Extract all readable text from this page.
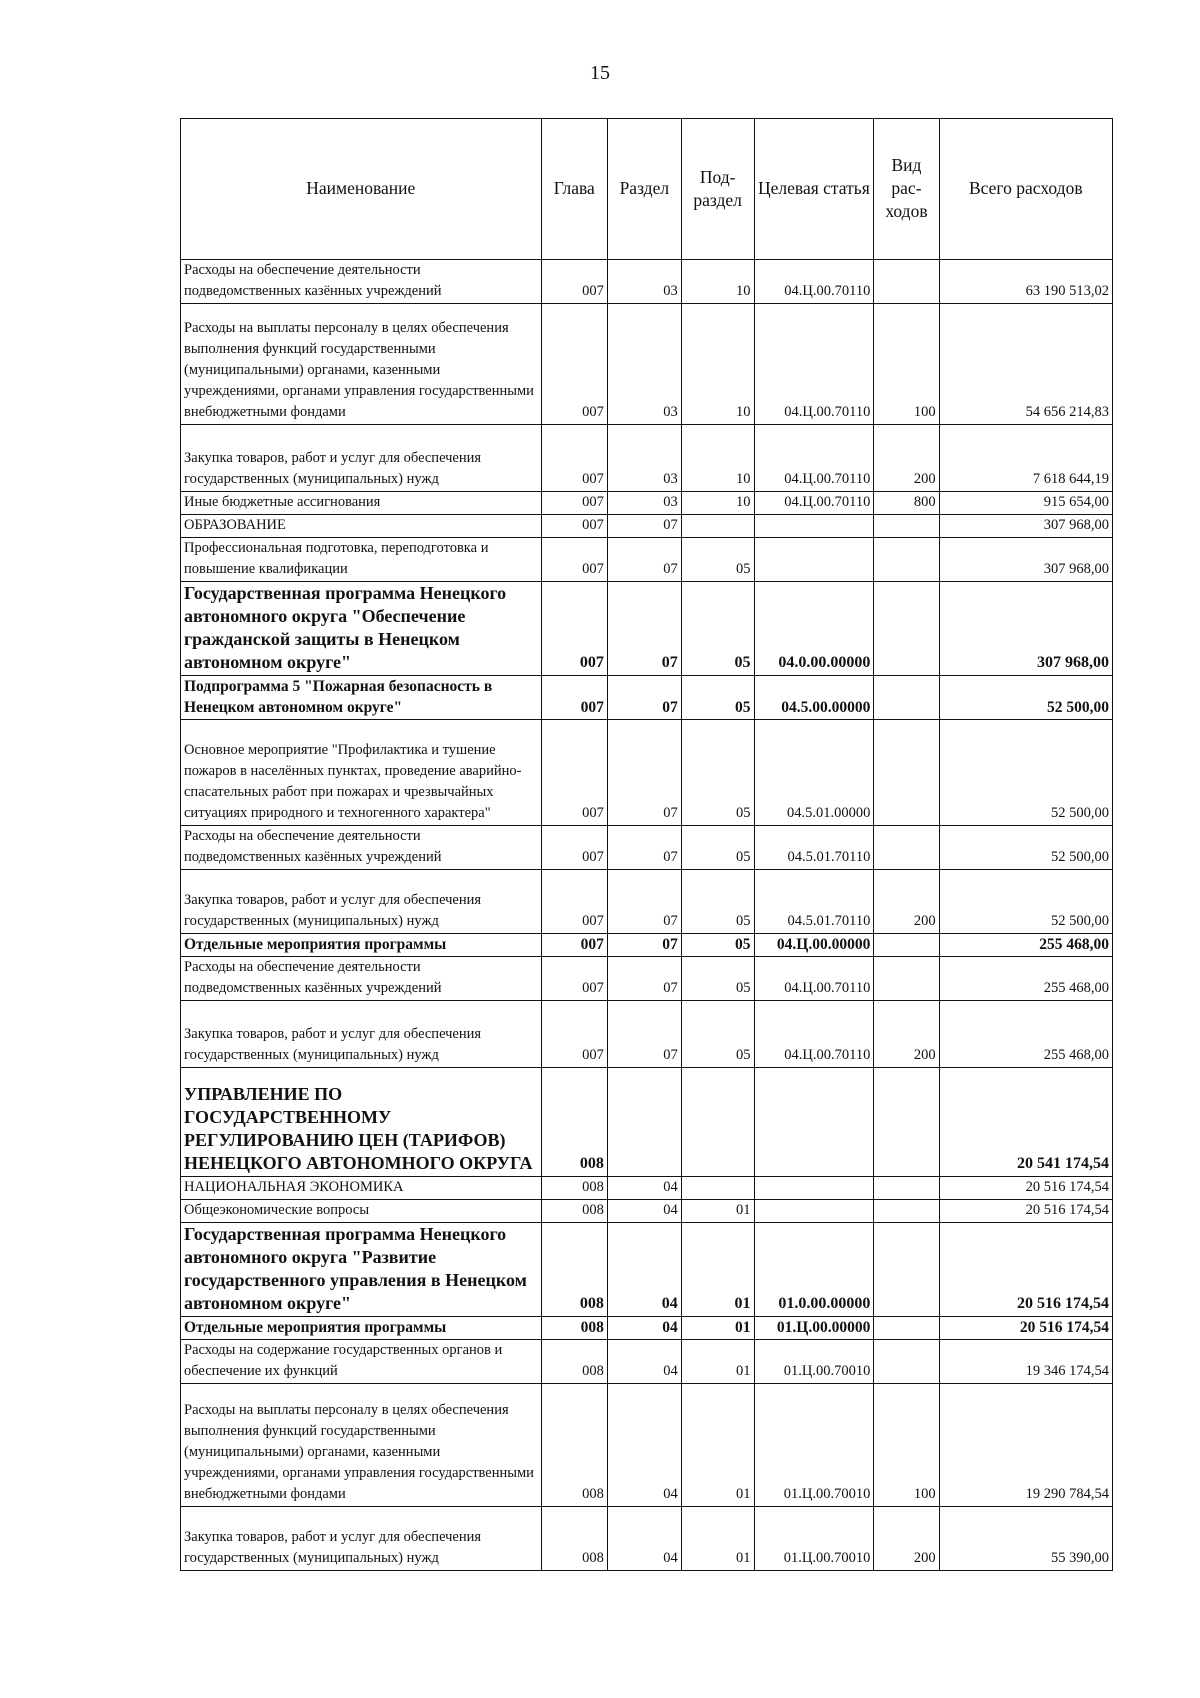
15
Наименование	Глава	Раздел	Под-раздел	Целевая статья	Вид рас-ходов	Всего расходов
Расходы на обеспечение деятельности подведомственных казённых учреждений	007	03	10	04.Ц.00.70110		63 190 513,02
Расходы на выплаты персоналу в целях обеспечения выполнения функций государственными (муниципальными) органами, казенными учреждениями, органами управления государственными внебюджетными фондами	007	03	10	04.Ц.00.70110	100	54 656 214,83
Закупка товаров, работ и услуг для обеспечения государственных (муниципальных) нужд	007	03	10	04.Ц.00.70110	200	7 618 644,19
Иные бюджетные ассигнования	007	03	10	04.Ц.00.70110	800	915 654,00
ОБРАЗОВАНИЕ	007	07				307 968,00
Профессиональная подготовка, переподготовка и повышение квалификации	007	07	05			307 968,00
Государственная программа Ненецкого автономного округа "Обеспечение гражданской защиты в Ненецком автономном округе"	007	07	05	04.0.00.00000		307 968,00
Подпрограмма 5 "Пожарная безопасность в Ненецком автономном округе"	007	07	05	04.5.00.00000		52 500,00
Основное мероприятие "Профилактика и тушение пожаров в населённых пунктах, проведение аварийно-спасательных работ при пожарах и чрезвычайных ситуациях природного и техногенного характера"	007	07	05	04.5.01.00000		52 500,00
Расходы на обеспечение деятельности подведомственных казённых учреждений	007	07	05	04.5.01.70110		52 500,00
Закупка товаров, работ и услуг для обеспечения государственных (муниципальных) нужд	007	07	05	04.5.01.70110	200	52 500,00
Отдельные мероприятия программы	007	07	05	04.Ц.00.00000		255 468,00
Расходы на обеспечение деятельности подведомственных казённых учреждений	007	07	05	04.Ц.00.70110		255 468,00
Закупка товаров, работ и услуг для обеспечения государственных (муниципальных) нужд	007	07	05	04.Ц.00.70110	200	255 468,00
УПРАВЛЕНИЕ ПО ГОСУДАРСТВЕННОМУ РЕГУЛИРОВАНИЮ ЦЕН (ТАРИФОВ) НЕНЕЦКОГО АВТОНОМНОГО ОКРУГА	008					20 541 174,54
НАЦИОНАЛЬНАЯ ЭКОНОМИКА	008	04				20 516 174,54
Общеэкономические вопросы	008	04	01			20 516 174,54
Государственная программа Ненецкого автономного округа "Развитие государственного управления в Ненецком автономном округе"	008	04	01	01.0.00.00000		20 516 174,54
Отдельные мероприятия программы	008	04	01	01.Ц.00.00000		20 516 174,54
Расходы на содержание государственных органов и обеспечение их функций	008	04	01	01.Ц.00.70010		19 346 174,54
Расходы на выплаты персоналу в целях обеспечения выполнения функций государственными (муниципальными) органами, казенными учреждениями, органами управления государственными внебюджетными фондами	008	04	01	01.Ц.00.70010	100	19 290 784,54
Закупка товаров, работ и услуг для обеспечения государственных (муниципальных) нужд	008	04	01	01.Ц.00.70010	200	55 390,00
